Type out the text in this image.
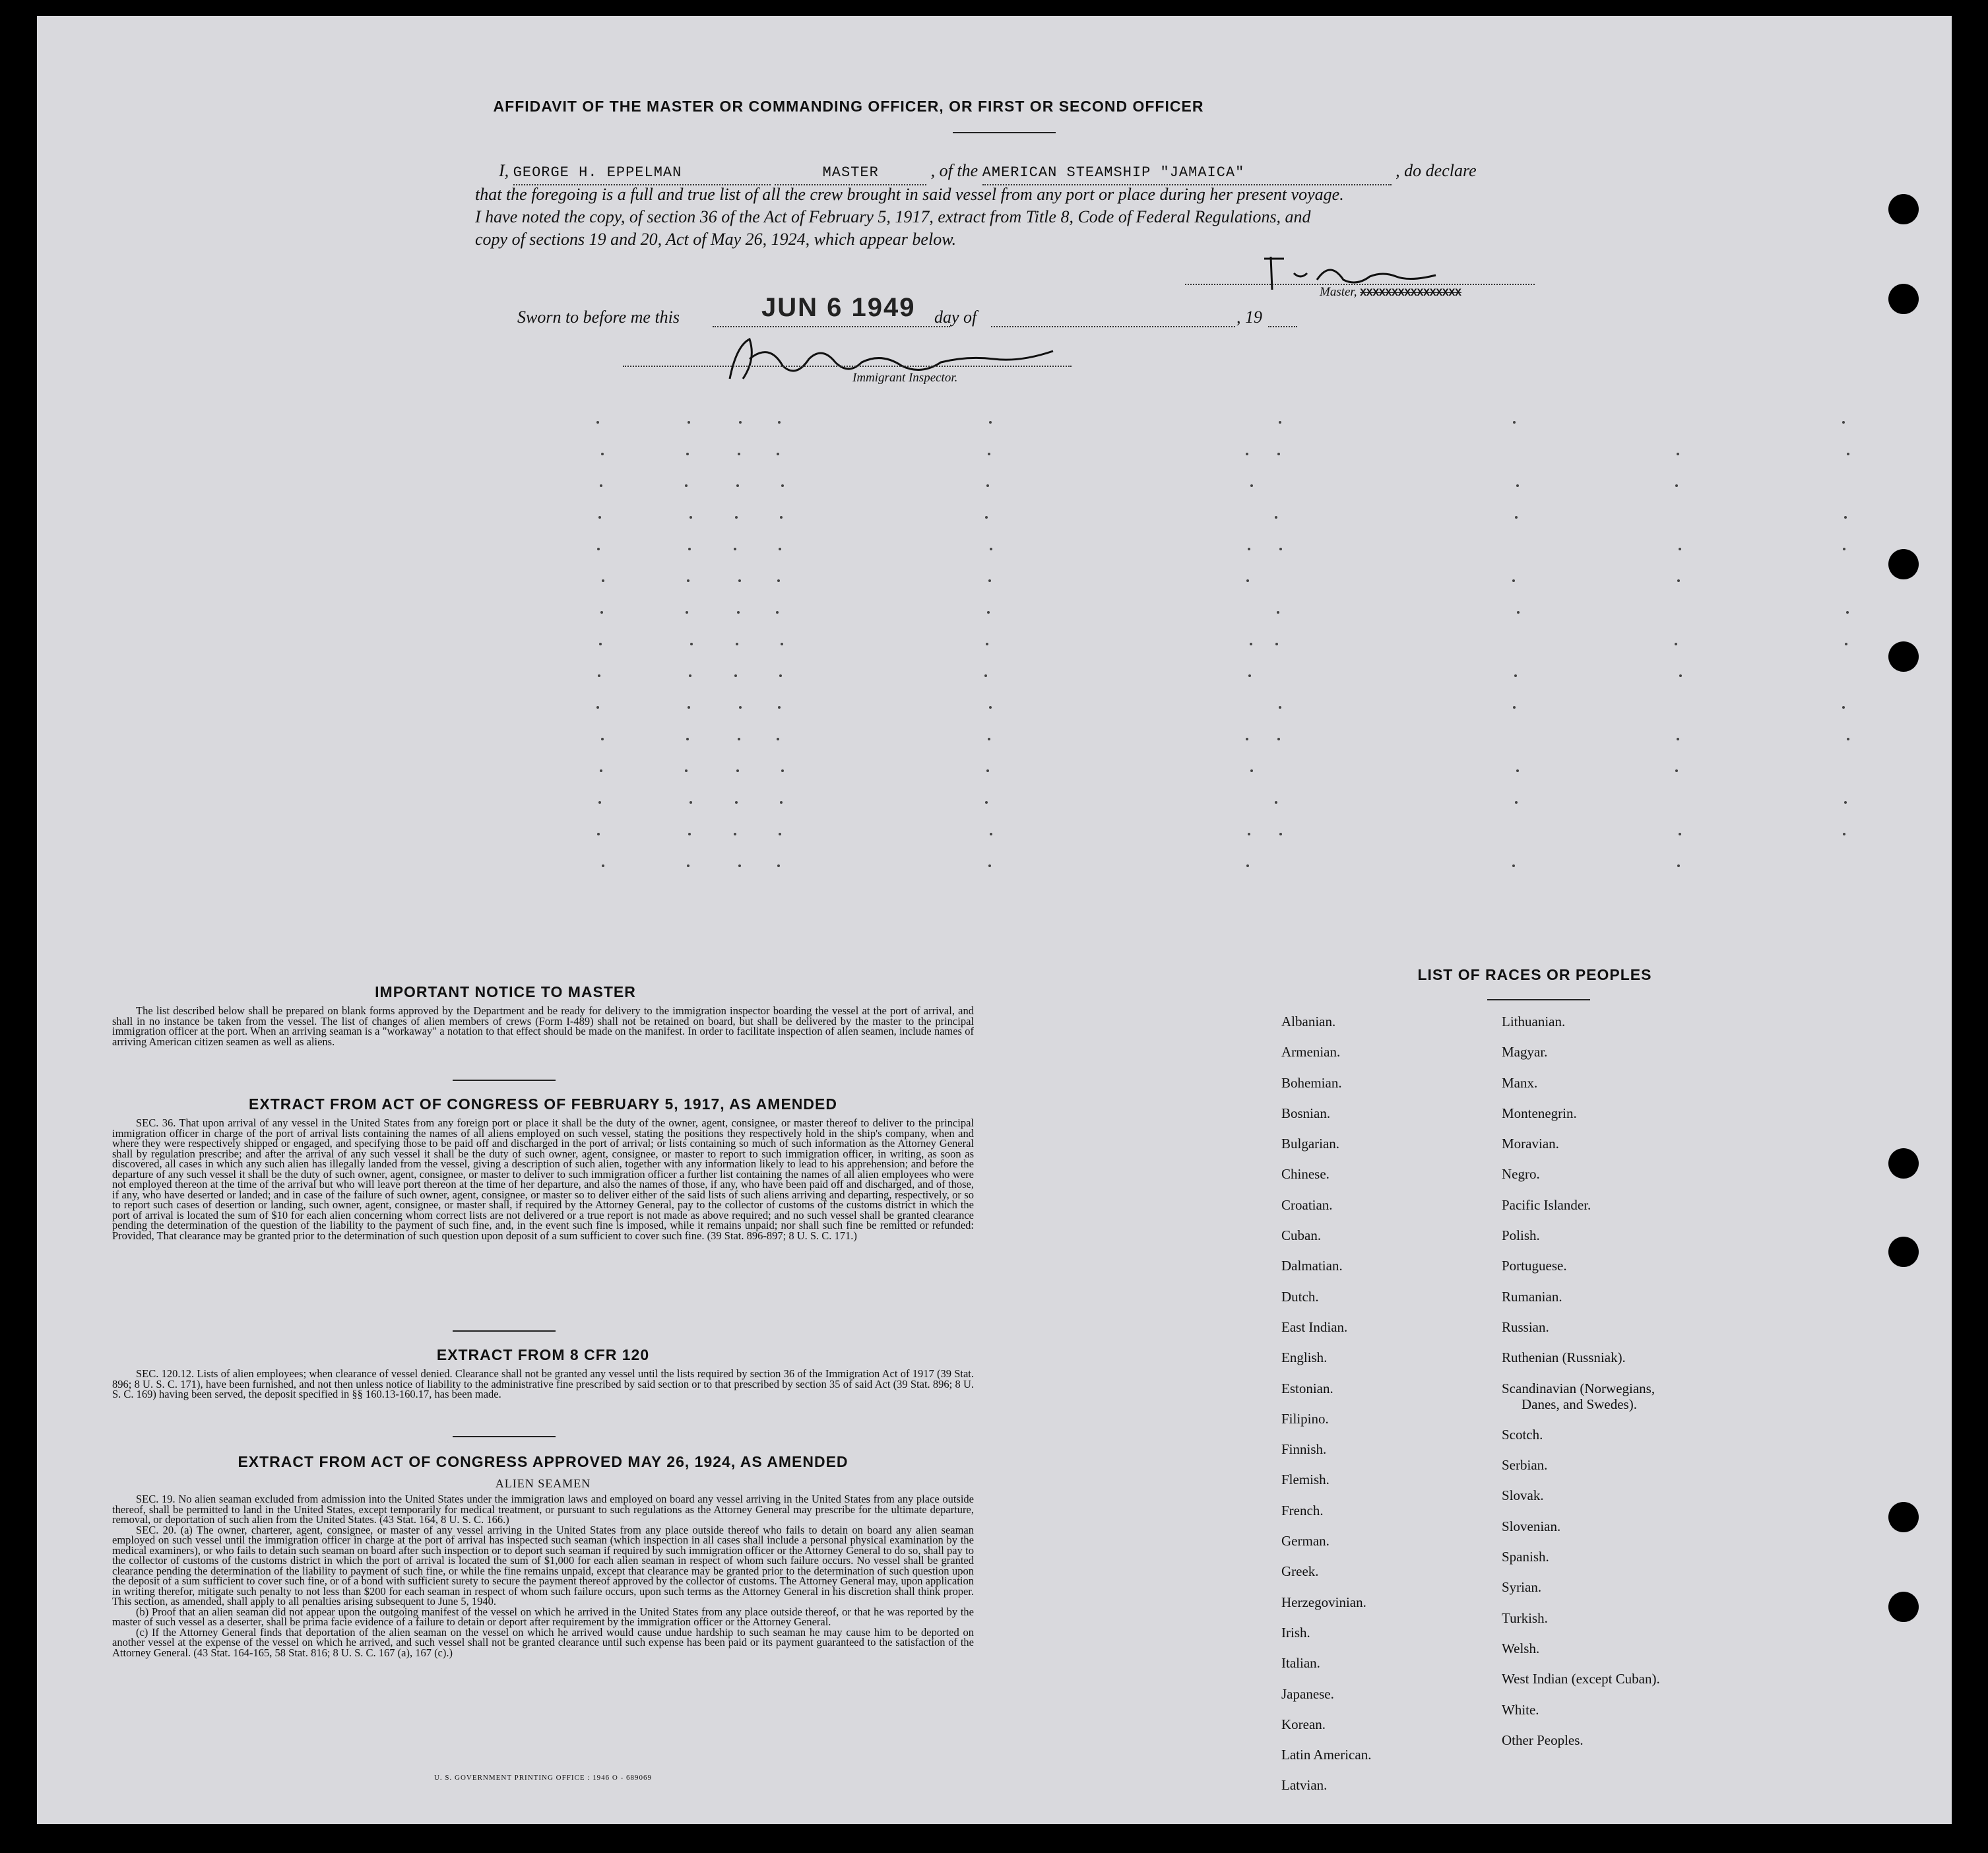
AFFIDAVIT OF THE MASTER OR COMMANDING OFFICER, OR FIRST OR SECOND OFFICER
I, GEORGE H. EPPELMAN	MASTER	, of the AMERICAN STEAMSHIP "JAMAICA"	, do declare
that the foregoing is a full and true list of all the crew brought in said vessel from any port or place during her present voyage.
I have noted the copy, of section 36 of the Act of February 5, 1917, extract from Title 8, Code of Federal Regulations, and
copy of sections 19 and 20, Act of May 26, 1924, which appear below.
Master, XXXXXXXXXXXXXXXX
Sworn to before me this	JUN 6 1949 day of	, 19
Immigrant Inspector.
IMPORTANT NOTICE TO MASTER

The list described below shall be prepared on blank forms approved by the Department and be ready for delivery to the immigration inspector boarding the vessel at the port of arrival, and shall in no instance be taken from the vessel. The list of changes of alien members of crews (Form I-489) shall not be retained on board, but shall be delivered by the master to the principal immigration officer at the port. When an arriving seaman is a "workaway" a notation to that effect should be made on the manifest. In order to facilitate inspection of alien seamen, include names of arriving American citizen seamen as well as aliens.

EXTRACT FROM ACT OF CONGRESS OF FEBRUARY 5, 1917, AS AMENDED

SEC. 36. That upon arrival of any vessel in the United States from any foreign port or place it shall be the duty of the owner, agent, consignee, or master thereof to deliver to the principal immigration officer in charge of the port of arrival lists containing the names of all aliens employed on such vessel, stating the positions they respectively hold in the ship's company, when and where they were respectively shipped or engaged, and specifying those to be paid off and discharged in the port of arrival; or lists containing so much of such information as the Attorney General shall by regulation prescribe; and after the arrival of any such vessel it shall be the duty of such owner, agent, consignee, or master to report to such immigration officer, in writing, as soon as discovered, all cases in which any such alien has illegally landed from the vessel, giving a description of such alien, together with any information likely to lead to his apprehension; and before the departure of any such vessel it shall be the duty of such owner, agent, consignee, or master to deliver to such immigration officer a further list containing the names of all alien employees who were not employed thereon at the time of the arrival but who will leave port thereon at the time of her departure, and also the names of those, if any, who have been paid off and discharged, and of those, if any, who have deserted or landed; and in case of the failure of such owner, agent, consignee, or master so to deliver either of the said lists of such aliens arriving and departing, respectively, or so to report such cases of desertion or landing, such owner, agent, consignee, or master shall, if required by the Attorney General, pay to the collector of customs of the customs district in which the port of arrival is located the sum of $10 for each alien concerning whom correct lists are not delivered or a true report is not made as above required; and no such vessel shall be granted clearance pending the determination of the question of the liability to the payment of such fine, and, in the event such fine is imposed, while it remains unpaid; nor shall such fine be remitted or refunded: Provided, That clearance may be granted prior to the determination of such question upon deposit of a sum sufficient to cover such fine. (39 Stat. 896-897; 8 U. S. C. 171.)

EXTRACT FROM 8 CFR 120

SEC. 120.12. Lists of alien employees; when clearance of vessel denied. Clearance shall not be granted any vessel until the lists required by section 36 of the Immigration Act of 1917 (39 Stat. 896; 8 U. S. C. 171), have been furnished, and not then unless notice of liability to the administrative fine prescribed by said section or to that prescribed by section 35 of said Act (39 Stat. 896; 8 U. S. C. 169) having been served, the deposit specified in §§ 160.13-160.17, has been made.

EXTRACT FROM ACT OF CONGRESS APPROVED MAY 26, 1924, AS AMENDED
ALIEN SEAMEN

SEC. 19. No alien seaman excluded from admission into the United States under the immigration laws and employed on board any vessel arriving in the United States from any place outside thereof, shall be permitted to land in the United States, except temporarily for medical treatment, or pursuant to such regulations as the Attorney General may prescribe for the ultimate departure, removal, or deportation of such alien from the United States. (43 Stat. 164, 8 U. S. C. 166.)

SEC. 20. (a) The owner, charterer, agent, consignee, or master of any vessel arriving in the United States from any place outside thereof who fails to detain on board any alien seaman employed on such vessel until the immigration officer in charge at the port of arrival has inspected such seaman (which inspection in all cases shall include a personal physical examination by the medical examiners), or who fails to detain such seaman on board after such inspection or to deport such seaman if required by such immigration officer or the Attorney General to do so, shall pay to the collector of customs of the customs district in which the port of arrival is located the sum of $1,000 for each alien seaman in respect of whom such failure occurs. No vessel shall be granted clearance pending the determination of the liability to payment of such fine, or while the fine remains unpaid, except that clearance may be granted prior to the determination of such question upon the deposit of a sum sufficient to cover such fine, or of a bond with sufficient surety to secure the payment thereof approved by the collector of customs. The Attorney General may, upon application in writing therefor, mitigate such penalty to not less than $200 for each seaman in respect of whom such failure occurs, upon such terms as the Attorney General in his discretion shall think proper. This section, as amended, shall apply to all penalties arising subsequent to June 5, 1940.

(b) Proof that an alien seaman did not appear upon the outgoing manifest of the vessel on which he arrived in the United States from any place outside thereof, or that he was reported by the master of such vessel as a deserter, shall be prima facie evidence of a failure to detain or deport after requirement by the immigration officer or the Attorney General.

(c) If the Attorney General finds that deportation of the alien seaman on the vessel on which he arrived would cause undue hardship to such seaman he may cause him to be deported on another vessel at the expense of the vessel on which he arrived, and such vessel shall not be granted clearance until such expense has been paid or its payment guaranteed to the satisfaction of the Attorney General. (43 Stat. 164-165, 58 Stat. 816; 8 U. S. C. 167 (a), 167 (c).)

U. S. GOVERNMENT PRINTING OFFICE : 1946 O - 689069
LIST OF RACES OR PEOPLES
Albanian.
Armenian.
Bohemian.
Bosnian.
Bulgarian.
Chinese.
Croatian.
Cuban.
Dalmatian.
Dutch.
East Indian.
English.
Estonian.
Filipino.
Finnish.
Flemish.
French.
German.
Greek.
Herzegovinian.
Irish.
Italian.
Japanese.
Korean.
Latin American.
Latvian.
Lithuanian.
Magyar.
Manx.
Montenegrin.
Moravian.
Negro.
Pacific Islander.
Polish.
Portuguese.
Rumanian.
Russian.
Ruthenian (Russniak).
Scandinavian (Norwegians,
Danes, and Swedes).
Scotch.
Serbian.
Slovak.
Slovenian.
Spanish.
Syrian.
Turkish.
Welsh.
West Indian (except Cuban).
White.
Other Peoples.
